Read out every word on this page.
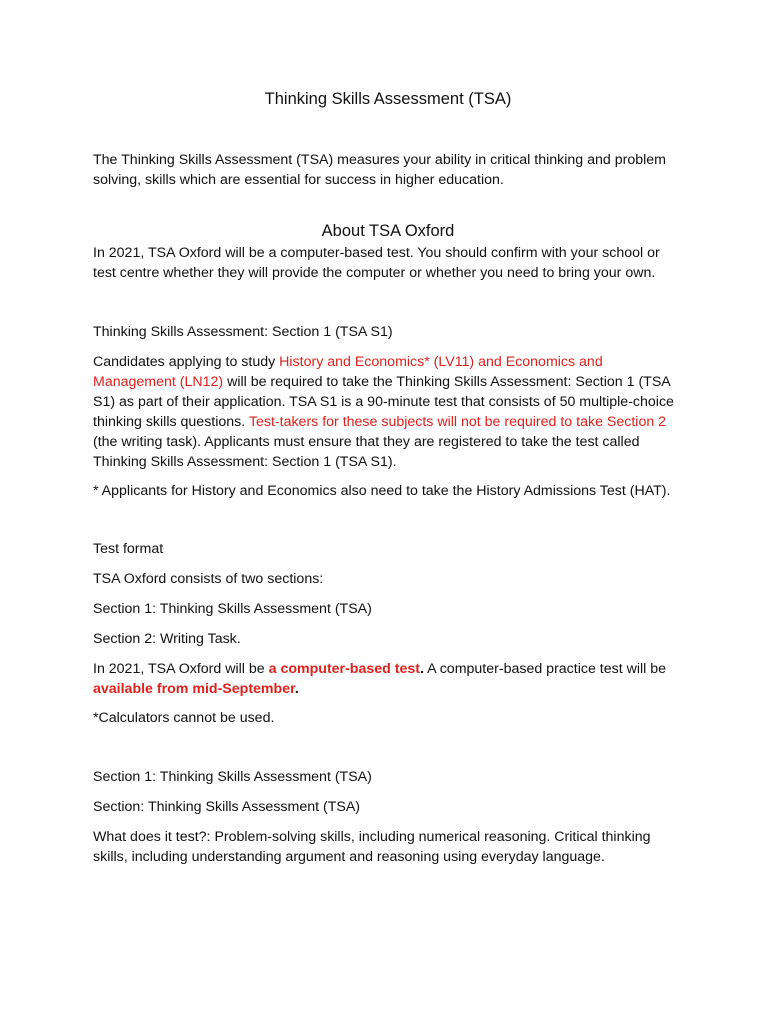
Thinking Skills Assessment (TSA)

The Thinking Skills Assessment (TSA) measures your ability in critical thinking and problem solving, skills which are essential for success in higher education.

About TSA Oxford

In 2021, TSA Oxford will be a computer-based test. You should confirm with your school or test centre whether they will provide the computer or whether you need to bring your own.

Thinking Skills Assessment: Section 1 (TSA S1)

Candidates applying to study History and Economics* (LV11) and Economics and Management (LN12) will be required to take the Thinking Skills Assessment: Section 1 (TSA S1) as part of their application. TSA S1 is a 90-minute test that consists of 50 multiple-choice thinking skills questions. Test-takers for these subjects will not be required to take Section 2 (the writing task). Applicants must ensure that they are registered to take the test called Thinking Skills Assessment: Section 1 (TSA S1).

* Applicants for History and Economics also need to take the History Admissions Test (HAT).

Test format

TSA Oxford consists of two sections:

Section 1: Thinking Skills Assessment (TSA)

Section 2: Writing Task.

In 2021, TSA Oxford will be a computer-based test. A computer-based practice test will be available from mid-September.

*Calculators cannot be used.

Section 1: Thinking Skills Assessment (TSA)

Section: Thinking Skills Assessment (TSA)

What does it test?: Problem-solving skills, including numerical reasoning. Critical thinking skills, including understanding argument and reasoning using everyday language.
